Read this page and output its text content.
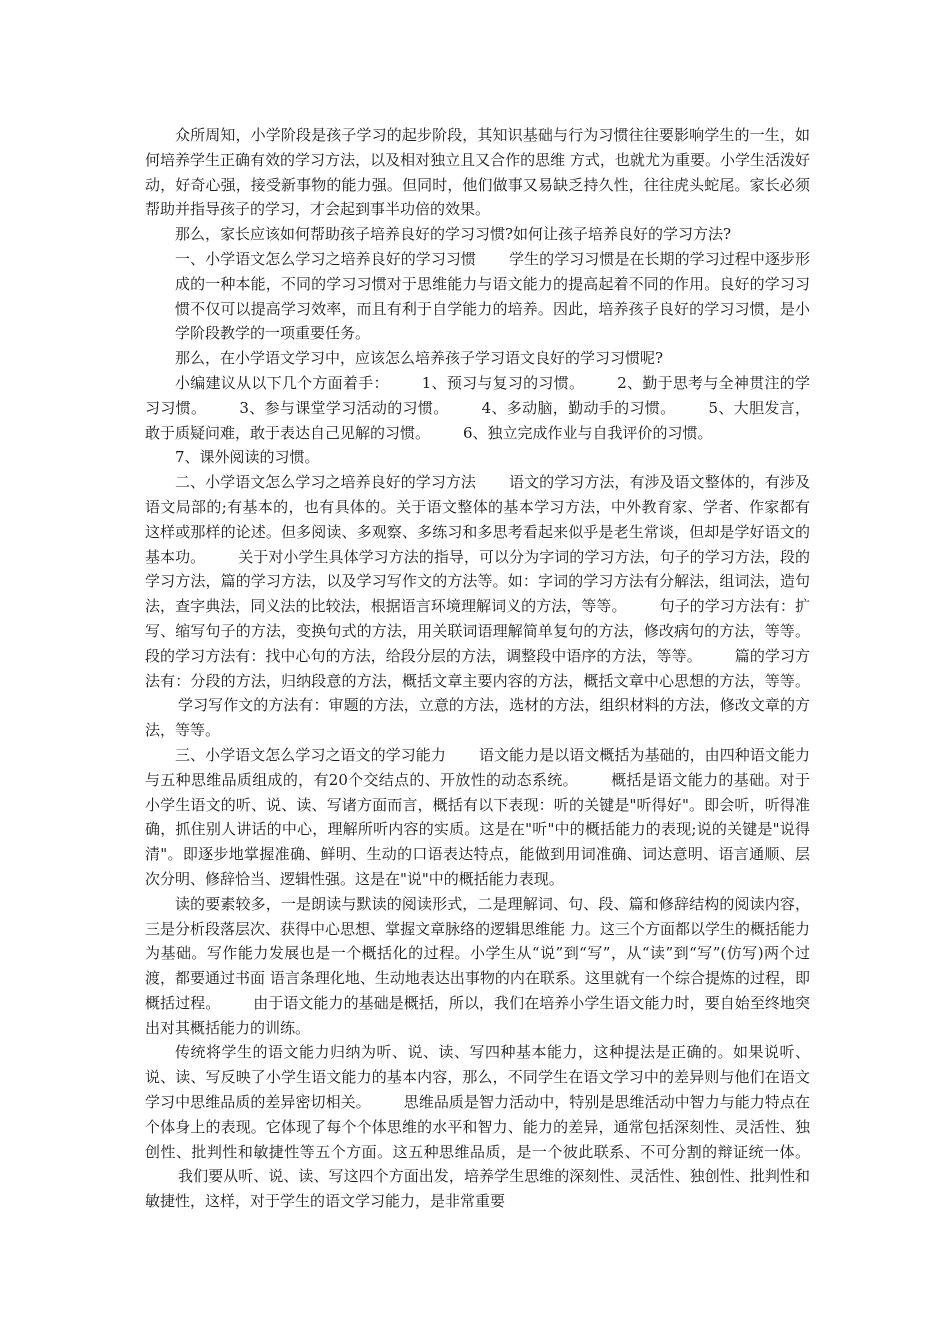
众所周知，小学阶段是孩子学习的起步阶段，其知识基础与行为习惯往往要影响学生的一生，如何培养学生正确有效的学习方法，以及相对独立且又合作的思维 方式，也就尤为重要。小学生活泼好动，好奇心强，接受新事物的能力强。但同时，他们做事又易缺乏持久性，往往虎头蛇尾。家长必须帮助并指导孩子的学习，才会起到事半功倍的效果。

那么，家长应该如何帮助孩子培养良好的学习习惯?如何让孩子培养良好的学习方法?

一、小学语文怎么学习之培养良好的学习习惯 学生的学习习惯是在长期的学习过程中逐步形成的一种本能，不同的学习习惯对于思维能力与语文能力的提高起着不同的作用。良好的学习习惯不仅可以提高学习效率，而且有利于自学能力的培养。因此，培养孩子良好的学习习惯，是小学阶段教学的一项重要任务。

那么，在小学语文学习中，应该怎么培养孩子学习语文良好的学习习惯呢?

小编建议从以下几个方面着手： 1、预习与复习的习惯。 2、勤于思考与全神贯注的学习习惯。 3、参与课堂学习活动的习惯。 4、多动脑，勤动手的习惯。 5、大胆发言，敢于质疑问难，敢于表达自己见解的习惯。 6、独立完成作业与自我评价的习惯。

7、课外阅读的习惯。

二、小学语文怎么学习之培养良好的学习方法 语文的学习方法，有涉及语文整体的，有涉及语文局部的;有基本的，也有具体的。关于语文整体的基本学习方法，中外教育家、学者、作家都有这样或那样的论述。但多阅读、多观察、多练习和多思考看起来似乎是老生常谈，但却是学好语文的基本功。 关于对小学生具体学习方法的指导，可以分为字词的学习方法，句子的学习方法，段的学习方法，篇的学习方法，以及学习写作文的方法等。如：字词的学习方法有分解法，组词法，造句法，查字典法，同义法的比较法，根据语言环境理解词义的方法，等等。 句子的学习方法有：扩写、缩写句子的方法，变换句式的方法，用关联词语理解简单复句的方法，修改病句的方法，等等。段的学习方法有：找中心句的方法，给段分层的方法，调整段中语序的方法，等等。 篇的学习方法有：分段的方法，归纳段意的方法，概括文章主要内容的方法，概括文章中心思想的方法，等等。学习写作文的方法有：审题的方法，立意的方法，选材的方法，组织材料的方法，修改文章的方法，等等。

三、小学语文怎么学习之语文的学习能力 语文能力是以语文概括为基础的，由四种语文能力与五种思维品质组成的，有20个交结点的、开放性的动态系统。 概括是语文能力的基础。对于小学生语文的听、说、读、写诸方面而言，概括有以下表现：听的关键是"听得好"。即会听，听得准确，抓住别人讲话的中心，理解所听内容的实质。这是在"听"中的概括能力的表现;说的关键是"说得清"。即逐步地掌握准确、鲜明、生动的口语表达特点，能做到用词准确、词达意明、语言通顺、层次分明、修辞恰当、逻辑性强。这是在"说"中的概括能力表现。

读的要素较多，一是朗读与默读的阅读形式，二是理解词、句、段、篇和修辞结构的阅读内容，三是分析段落层次、获得中心思想、掌握文章脉络的逻辑思维能 力。这三个方面都以学生的概括能力为基础。写作能力发展也是一个概括化的过程。小学生从“说”到“写”，从“读”到“写”(仿写)两个过渡，都要通过书面 语言条理化地、生动地表达出事物的内在联系。这里就有一个综合提炼的过程，即概括过程。 由于语文能力的基础是概括，所以，我们在培养小学生语文能力时，要自始至终地突出对其概括能力的训练。

传统将学生的语文能力归纳为听、说、读、写四种基本能力，这种提法是正确的。如果说听、说、读、写反映了小学生语文能力的基本内容，那么，不同学生在语文学习中的差异则与他们在语文学习中思维品质的差异密切相关。 思维品质是智力活动中，特别是思维活动中智力与能力特点在个体身上的表现。它体现了每个个体思维的水平和智力、能力的差异，通常包括深刻性、灵活性、独创性、批判性和敏捷性等五个方面。这五种思维品质，是一个彼此联系、不可分割的辩证统一体。我们要从听、说、读、写这四个方面出发，培养学生思维的深刻性、灵活性、独创性、批判性和敏捷性，这样，对于学生的语文学习能力，是非常重要
